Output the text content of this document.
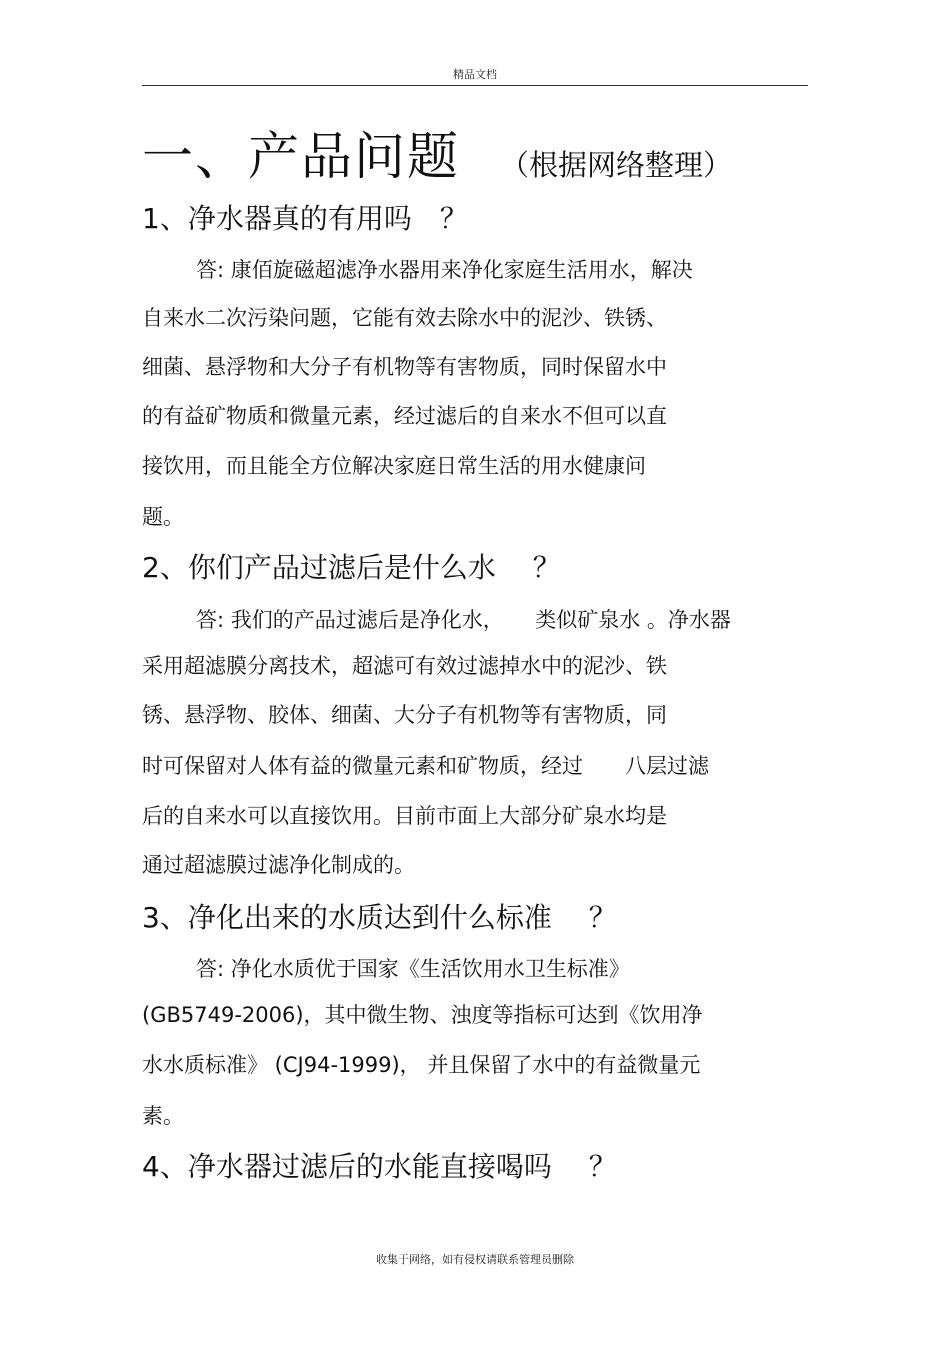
精品文档
一、产品问题 （根据网络整理）
1、净水器真的有用吗　？
答: 康佰旋磁超滤净水器用来净化家庭生活用水，解决
自来水二次污染问题，它能有效去除水中的泥沙、铁锈、
细菌、悬浮物和大分子有机物等有害物质，同时保留水中
的有益矿物质和微量元素，经过滤后的自来水不但可以直
接饮用，而且能全方位解决家庭日常生活的用水健康问
题。
2、你们产品过滤后是什么水　 ？
答: 我们的产品过滤后是净化水，　　类似矿泉水 。净水器
采用超滤膜分离技术，超滤可有效过滤掉水中的泥沙、铁
锈、悬浮物、胶体、细菌、大分子有机物等有害物质，同
时可保留对人体有益的微量元素和矿物质，经过　　八层过滤
后的自来水可以直接饮用。目前市面上大部分矿泉水均是
通过超滤膜过滤净化制成的。
3、净化出来的水质达到什么标准　 ？
答: 净化水质优于国家《生活饮用水卫生标准》
(GB5749-2006)，其中微生物、浊度等指标可达到《饮用净
水水质标准》 (CJ94-1999)， 并且保留了水中的有益微量元
素。
4、净水器过滤后的水能直接喝吗　 ？
收集于网络，如有侵权请联系管理员删除
